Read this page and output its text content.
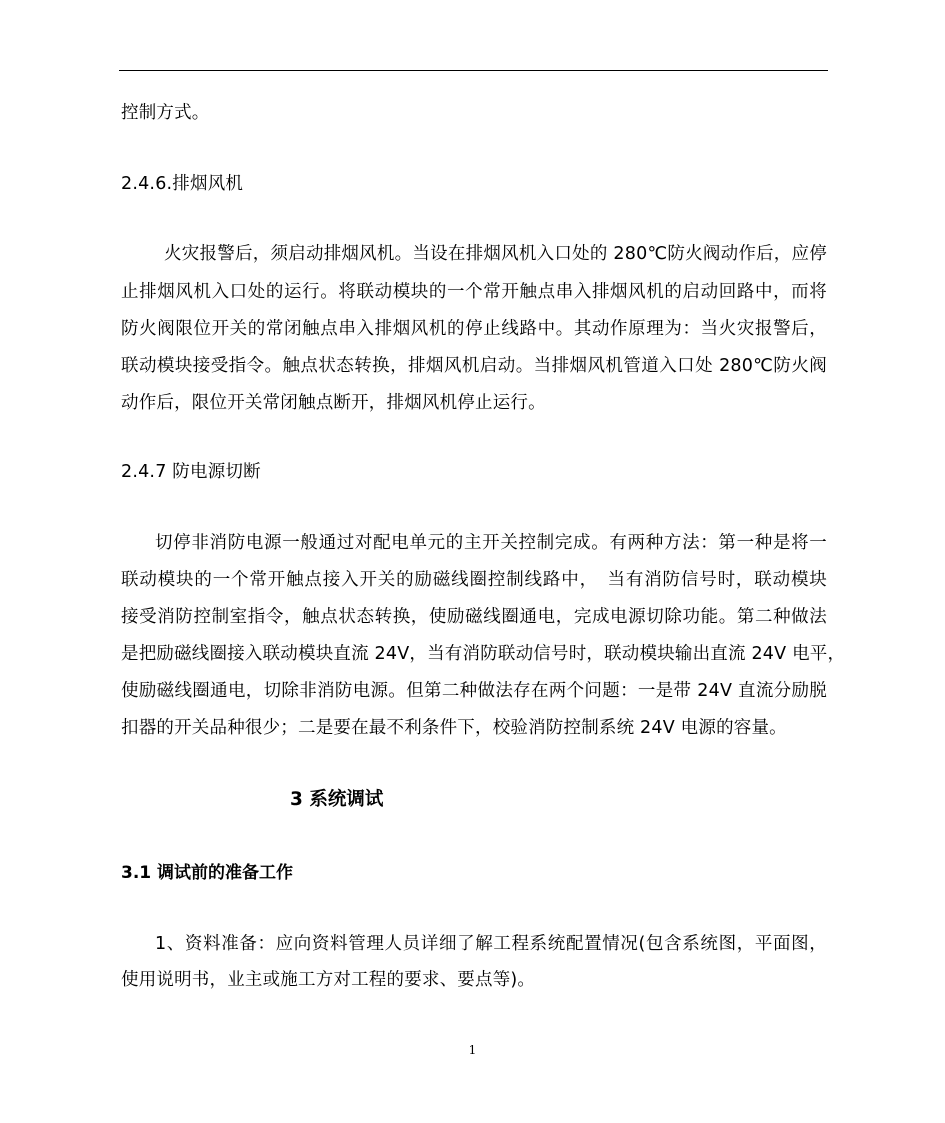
控制方式。
2.4.6.排烟风机
火灾报警后，须启动排烟风机。当设在排烟风机入口处的 280℃防火阀动作后，应停
止排烟风机入口处的运行。将联动模块的一个常开触点串入排烟风机的启动回路中，而将
防火阀限位开关的常闭触点串入排烟风机的停止线路中。其动作原理为：当火灾报警后，
联动模块接受指令。触点状态转换，排烟风机启动。当排烟风机管道入口处 280℃防火阀
动作后，限位开关常闭触点断开，排烟风机停止运行。
2.4.7 防电源切断
切停非消防电源一般通过对配电单元的主开关控制完成。有两种方法：第一种是将一
联动模块的一个常开触点接入开关的励磁线圈控制线路中，　当有消防信号时，联动模块
接受消防控制室指令，触点状态转换，使励磁线圈通电，完成电源切除功能。第二种做法
是把励磁线圈接入联动模块直流 24V，当有消防联动信号时，联动模块输出直流 24V 电平，
使励磁线圈通电，切除非消防电源。但第二种做法存在两个问题：一是带 24V 直流分励脱
扣器的开关品种很少；二是要在最不利条件下，校验消防控制系统 24V 电源的容量。
3 系统调试
3.1 调试前的准备工作
1、资料准备：应向资料管理人员详细了解工程系统配置情况(包含系统图，平面图，
使用说明书，业主或施工方对工程的要求、要点等)。
1
